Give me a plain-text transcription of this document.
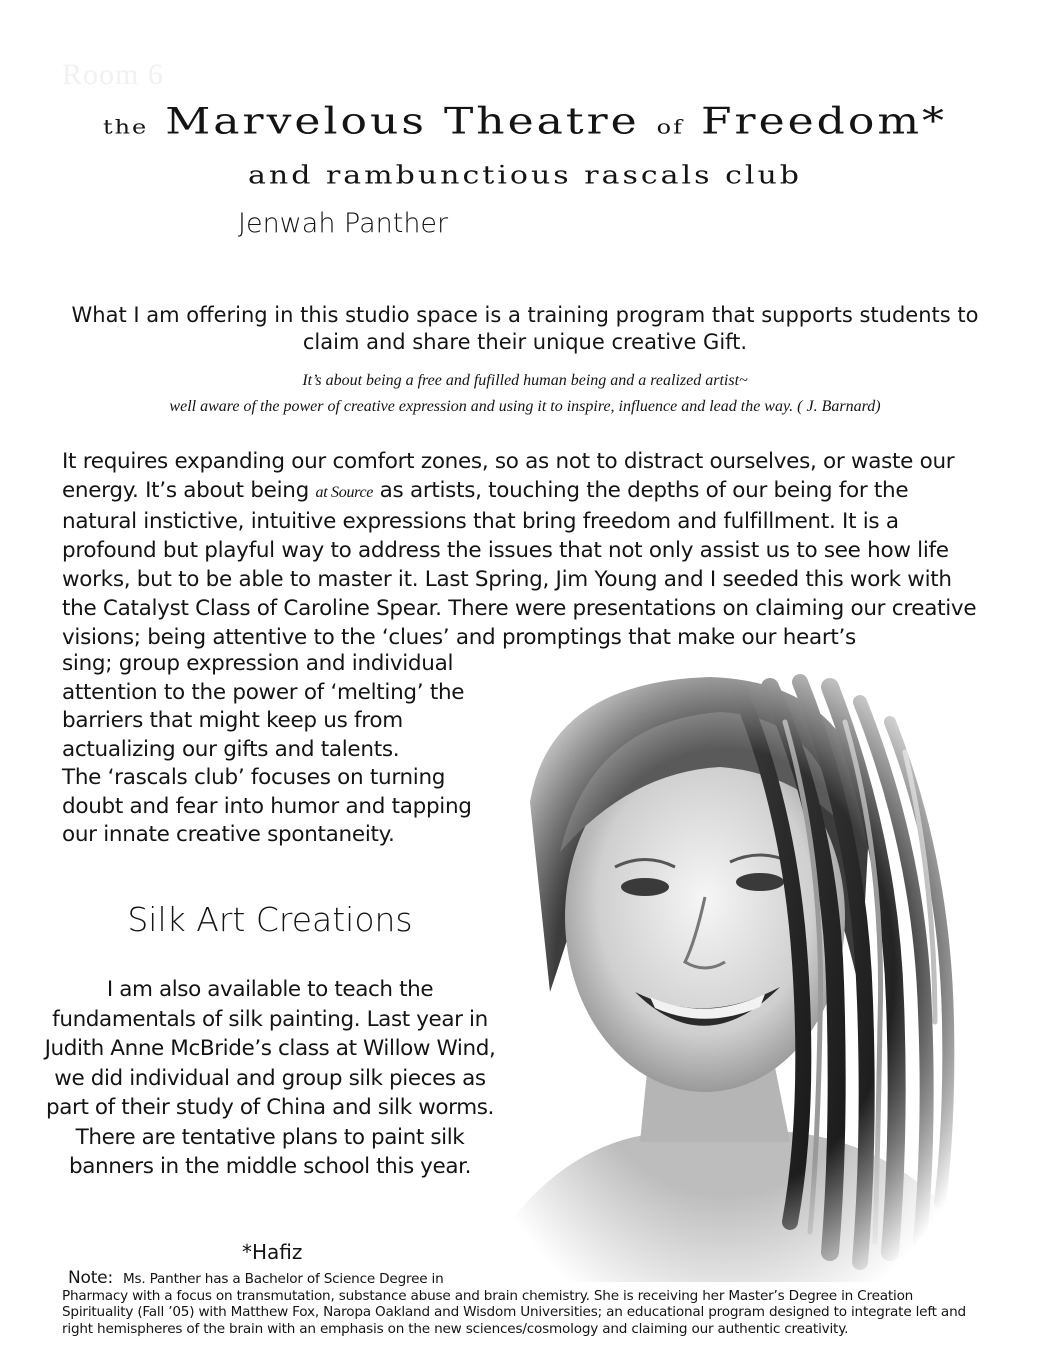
Room 6
the Marvelous Theatre of Freedom*
and rambunctious rascals club
Jenwah Panther
What I am offering in this studio space is a training program that supports students to claim and share their unique creative Gift.
It’s about being a free and fufilled human being and a realized artist~
well aware of the power of creative expression and using it to inspire, influence and lead the way. ( J. Barnard)
It requires expanding our comfort zones, so as not to distract ourselves, or waste our energy. It’s about being at Source as artists, touching the depths of our being for the natural instictive, intuitive expressions that bring freedom and fulfillment. It is a profound but playful way to address the issues that not only assist us to see how life works, but to be able to master it. Last Spring, Jim Young and I seeded this work with the Catalyst Class of Caroline Spear. There were presentations on claiming our creative visions; being attentive to the ‘clues’ and promptings that make our heart’s
sing; group expression and individual attention to the power of ‘melting’ the barriers that might keep us from actualizing our gifts and talents.
The ‘rascals club’ focuses on turning doubt and fear into humor and tapping our innate creative spontaneity.
Silk Art Creations
I am also available to teach the fundamentals of silk painting. Last year in Judith Anne McBride’s class at Willow Wind, we did individual and group silk pieces as part of their study of China and silk worms. There are tentative plans to paint silk banners in the middle school this year.
*Hafiz
Note: Ms. Panther has a Bachelor of Science Degree in
Pharmacy with a focus on transmutation, substance abuse and brain chemistry. She is receiving her Master’s Degree in Creation Spirituality (Fall ’05) with Matthew Fox, Naropa Oakland and Wisdom Universities; an educational program designed to integrate left and right hemispheres of the brain with an emphasis on the new sciences/cosmology and claiming our authentic creativity.
